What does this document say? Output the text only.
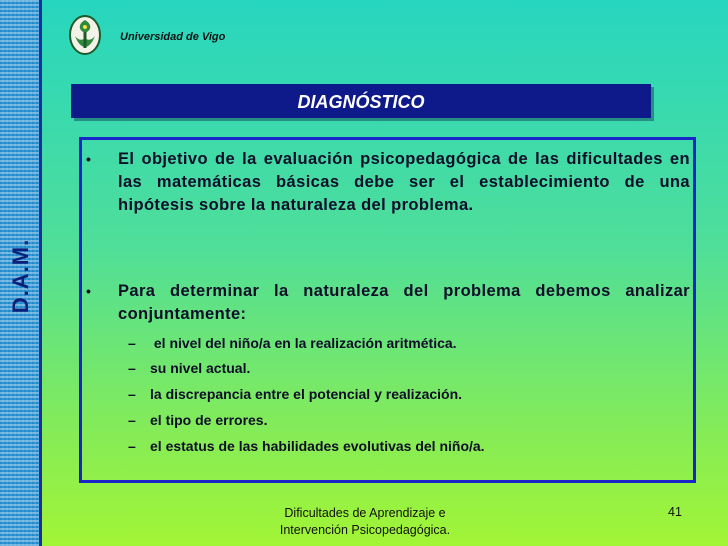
D.A.M.
Universidad de Vigo
DIAGNÓSTICO
• El objetivo de la evaluación psicopedagógica de las dificultades en las matemáticas básicas debe ser el establecimiento de una hipótesis sobre la naturaleza del problema.
• Para determinar la naturaleza del problema debemos analizar conjuntamente:
– el nivel del niño/a en la realización aritmética.
– su nivel actual.
– la discrepancia entre el potencial y realización.
– el tipo de errores.
– el estatus de las habilidades evolutivas del niño/a.
Dificultades de Aprendizaje e
Intervención Psicopedagógica.
41
